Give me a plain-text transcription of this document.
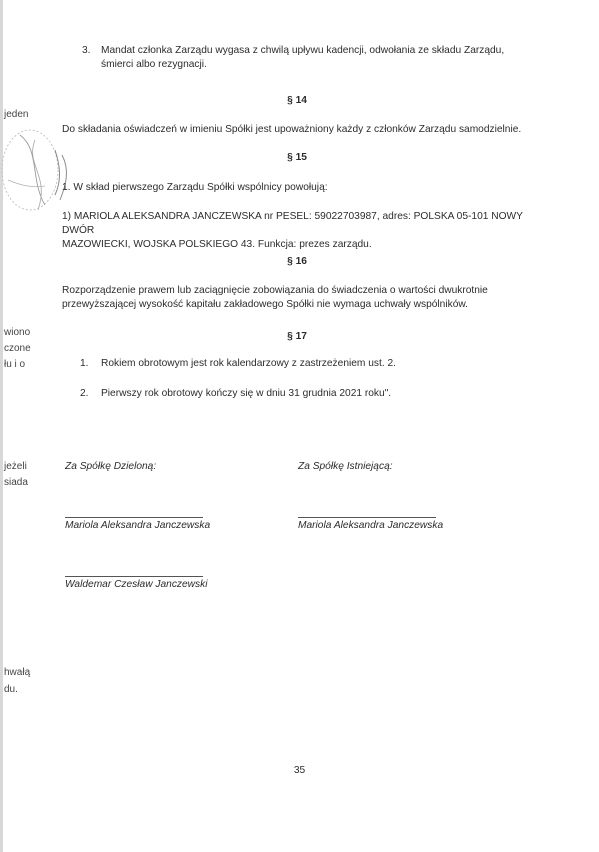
jeden
wiono
czone
łu i o
jeżeli
siada
hwałą
du.
3. Mandat członka Zarządu wygasa z chwilą upływu kadencji, odwołania ze składu Zarządu,
śmierci albo rezygnacji.
§ 14
Do składania oświadczeń w imieniu Spółki jest upoważniony każdy z członków Zarządu samodzielnie.
§ 15
1. W skład pierwszego Zarządu Spółki wspólnicy powołują:
1) MARIOLA ALEKSANDRA JANCZEWSKA nr PESEL: 59022703987, adres: POLSKA 05-101 NOWY DWÓR
MAZOWIECKI, WOJSKA POLSKIEGO 43. Funkcja: prezes zarządu.
§ 16
Rozporządzenie prawem lub zaciągnięcie zobowiązania do świadczenia o wartości dwukrotnie
przewyższającej wysokość kapitału zakładowego Spółki nie wymaga uchwały wspólników.
§ 17
1. Rokiem obrotowym jest rok kalendarzowy z zastrzeżeniem ust. 2.
2. Pierwszy rok obrotowy kończy się w dniu 31 grudnia 2021 roku".
Za Spółkę Dzieloną:	Za Spółkę Istniejącą:
Mariola Aleksandra Janczewska	Mariola Aleksandra Janczewska
Waldemar Czesław Janczewski
35
